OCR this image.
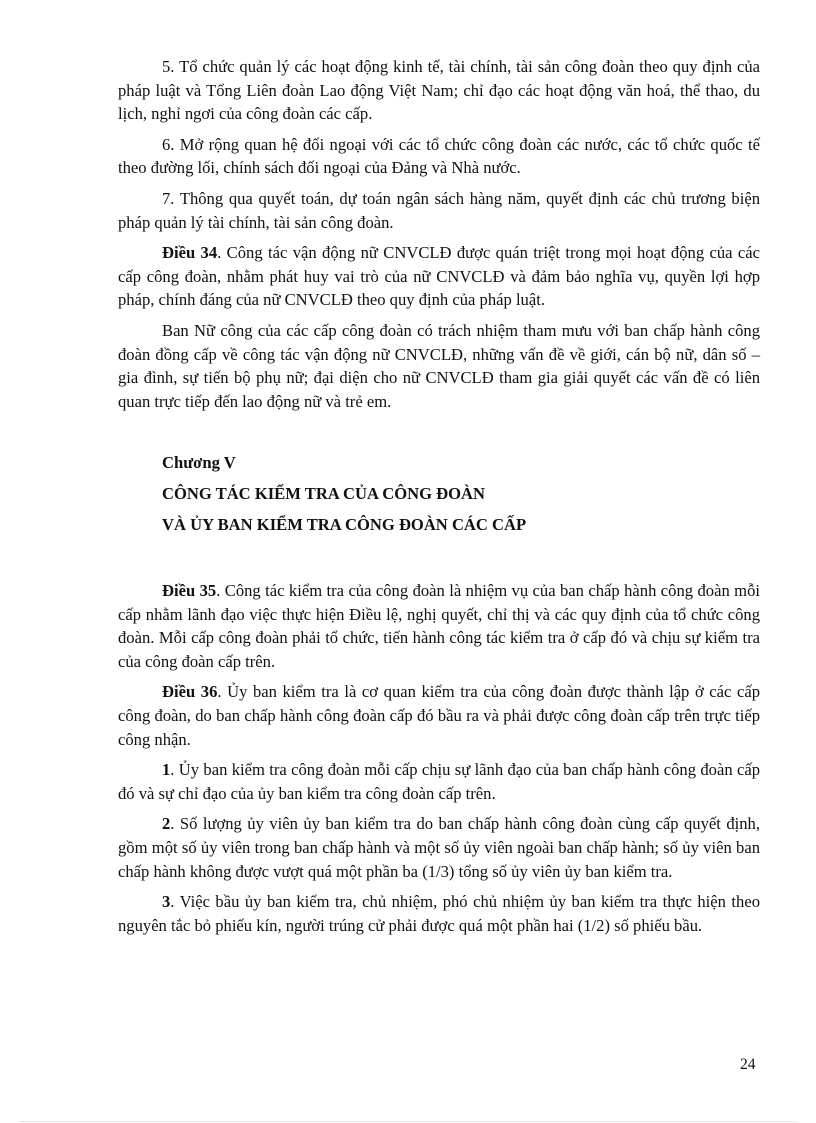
5. Tổ chức quản lý các hoạt động kinh tế, tài chính, tài sản công đoàn theo quy định của pháp luật và Tổng Liên đoàn Lao động Việt Nam; chỉ đạo các hoạt động văn hoá, thể thao, du lịch, nghỉ ngơi của công đoàn các cấp.

6. Mở rộng quan hệ đối ngoại với các tổ chức công đoàn các nước, các tổ chức quốc tế theo đường lối, chính sách đối ngoại của Đảng và Nhà nước.

7. Thông qua quyết toán, dự toán ngân sách hàng năm, quyết định các chủ trương biện pháp quản lý tài chính, tài sản công đoàn.

Điều 34. Công tác vận động nữ CNVCLĐ được quán triệt trong mọi hoạt động của các cấp công đoàn, nhằm phát huy vai trò của nữ CNVCLĐ và đảm bảo nghĩa vụ, quyền lợi hợp pháp, chính đáng của nữ CNVCLĐ theo quy định của pháp luật.

Ban Nữ công của các cấp công đoàn có trách nhiệm tham mưu với ban chấp hành công đoàn đồng cấp về công tác vận động nữ CNVCLĐ, những vấn đề về giới, cán bộ nữ, dân số – gia đình, sự tiến bộ phụ nữ; đại diện cho nữ CNVCLĐ tham gia giải quyết các vấn đề có liên quan trực tiếp đến lao động nữ và trẻ em.

Chương V

CÔNG TÁC KIỂM TRA CỦA CÔNG ĐOÀN

VÀ ỦY BAN KIỂM TRA CÔNG ĐOÀN CÁC CẤP

Điều 35. Công tác kiểm tra của công đoàn là nhiệm vụ của ban chấp hành công đoàn mỗi cấp nhằm lãnh đạo việc thực hiện Điều lệ, nghị quyết, chỉ thị và các quy định của tổ chức công đoàn. Mỗi cấp công đoàn phải tổ chức, tiến hành công tác kiểm tra ở cấp đó và chịu sự kiểm tra của công đoàn cấp trên.

Điều 36. Ủy ban kiểm tra là cơ quan kiểm tra của công đoàn được thành lập ở các cấp công đoàn, do ban chấp hành công đoàn cấp đó bầu ra và phải được công đoàn cấp trên trực tiếp công nhận.

1. Ủy ban kiểm tra công đoàn mỗi cấp chịu sự lãnh đạo của ban chấp hành công đoàn cấp đó và sự chỉ đạo của ủy ban kiểm tra công đoàn cấp trên.

2. Số lượng ủy viên ủy ban kiểm tra do ban chấp hành công đoàn cùng cấp quyết định, gồm một số ủy viên trong ban chấp hành và một số ủy viên ngoài ban chấp hành; số ủy viên ban chấp hành không được vượt quá một phần ba (1/3) tổng số ủy viên ủy ban kiểm tra.

3. Việc bầu ủy ban kiểm tra, chủ nhiệm, phó chủ nhiệm ủy ban kiểm tra thực hiện theo nguyên tắc bỏ phiếu kín, người trúng cử phải được quá một phần hai (1/2) số phiếu bầu.

24
